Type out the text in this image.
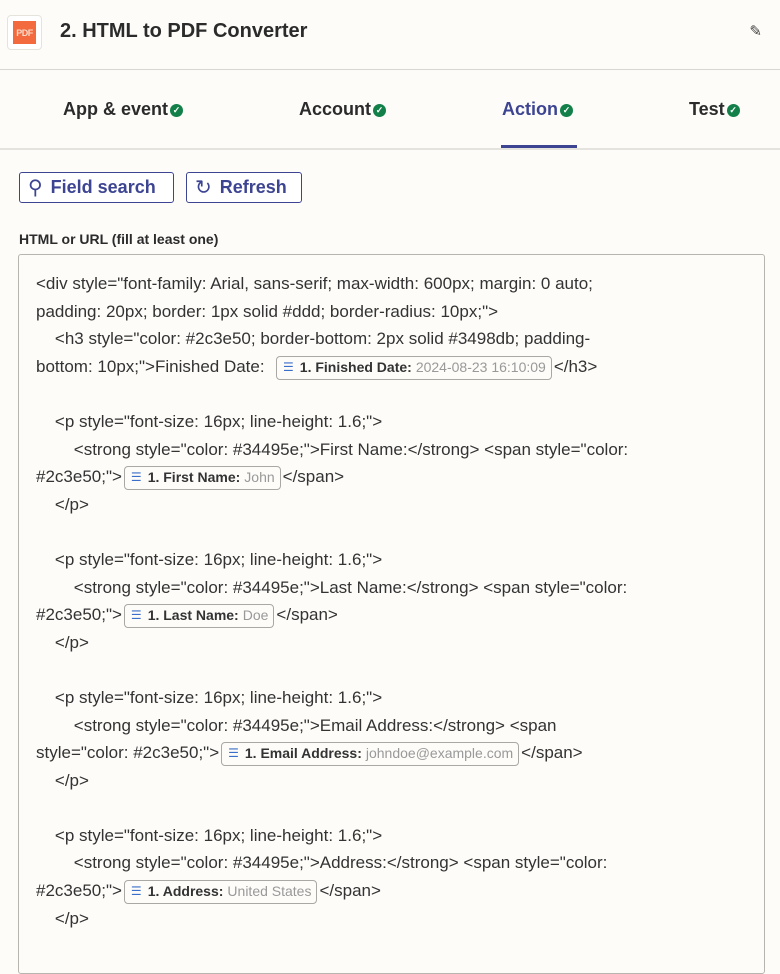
PDF 2. HTML to PDF Converter	✎
App & event ✓	Account ✓	Action ✓	Test ✓
⚲ Field search ↻ Refresh
HTML or URL (fill at least one)
<div style="font-family: Arial, sans-serif; max-width: 600px; margin: 0 auto;
padding: 20px; border: 1px solid #ddd; border-radius: 10px;">
<h3 style="color: #2c3e50; border-bottom: 2px solid #3498db; padding-
bottom: 10px;">Finished Date: ☰ 1. Finished Date: 2024-08-23 16:10:09 </h3>
<p style="font-size: 16px; line-height: 1.6;">
<strong style="color: #34495e;">First Name:</strong> <span style="color:
#2c3e50;"> ☰ 1. First Name: John </span>
</p>
<p style="font-size: 16px; line-height: 1.6;">
<strong style="color: #34495e;">Last Name:</strong> <span style="color:
#2c3e50;"> ☰ 1. Last Name: Doe </span>
</p>
<p style="font-size: 16px; line-height: 1.6;">
<strong style="color: #34495e;">Email Address:</strong> <span
style="color: #2c3e50;"> ☰ 1. Email Address: johndoe@example.com </span>
</p>
<p style="font-size: 16px; line-height: 1.6;">
<strong style="color: #34495e;">Address:</strong> <span style="color:
#2c3e50;"> ☰ 1. Address: United States </span>
</p>
